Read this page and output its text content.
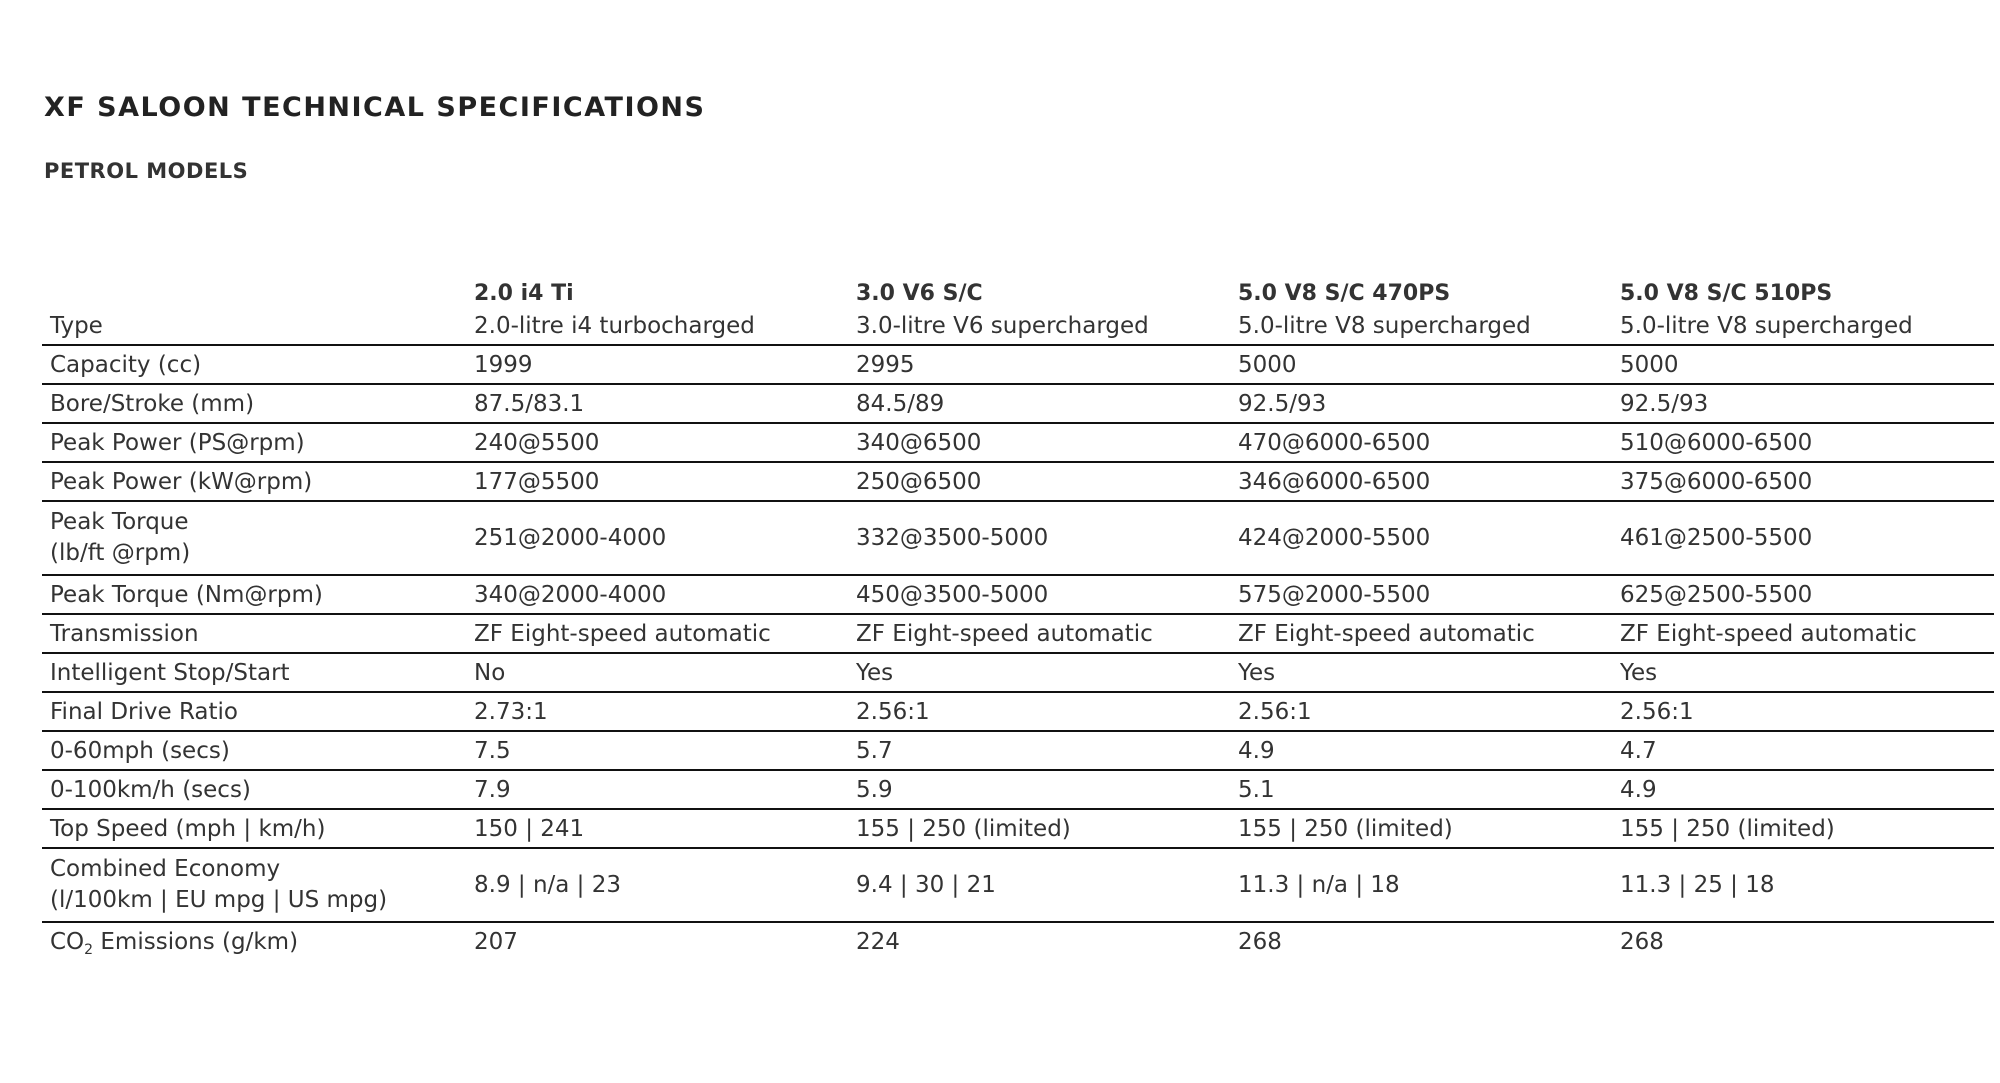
XF SALOON TECHNICAL SPECIFICATIONS
PETROL MODELS
	2.0 i4 Ti	3.0 V6 S/C	5.0 V8 S/C 470PS	5.0 V8 S/C 510PS
Type	2.0-litre i4 turbocharged	3.0-litre V6 supercharged	5.0-litre V8 supercharged	5.0-litre V8 supercharged
Capacity (cc)	1999	2995	5000	5000
Bore/Stroke (mm)	87.5/83.1	84.5/89	92.5/93	92.5/93
Peak Power (PS@rpm)	240@5500	340@6500	470@6000-6500	510@6000-6500
Peak Power (kW@rpm)	177@5500	250@6500	346@6000-6500	375@6000-6500

Peak Torque
(lb/ft @rpm)	251@2000-4000	332@3500-5000	424@2000-5500	461@2500-5500
Peak Torque (Nm@rpm)	340@2000-4000	450@3500-5000	575@2000-5500	625@2500-5500
Transmission	ZF Eight-speed automatic	ZF Eight-speed automatic	ZF Eight-speed automatic	ZF Eight-speed automatic
Intelligent Stop/Start	No	Yes	Yes	Yes
Final Drive Ratio	2.73:1	2.56:1	2.56:1	2.56:1
0-60mph (secs)	7.5	5.7	4.9	4.7
0-100km/h (secs)	7.9	5.9	5.1	4.9
Top Speed (mph | km/h)	150 | 241	155 | 250 (limited)	155 | 250 (limited)	155 | 250 (limited)

Combined Economy
(l/100km | EU mpg | US mpg)	8.9 | n/a | 23	9.4 | 30 | 21	11.3 | n/a | 18	11.3 | 25 | 18
$CO_2$ Emissions (g/km)	207	224	268	268
